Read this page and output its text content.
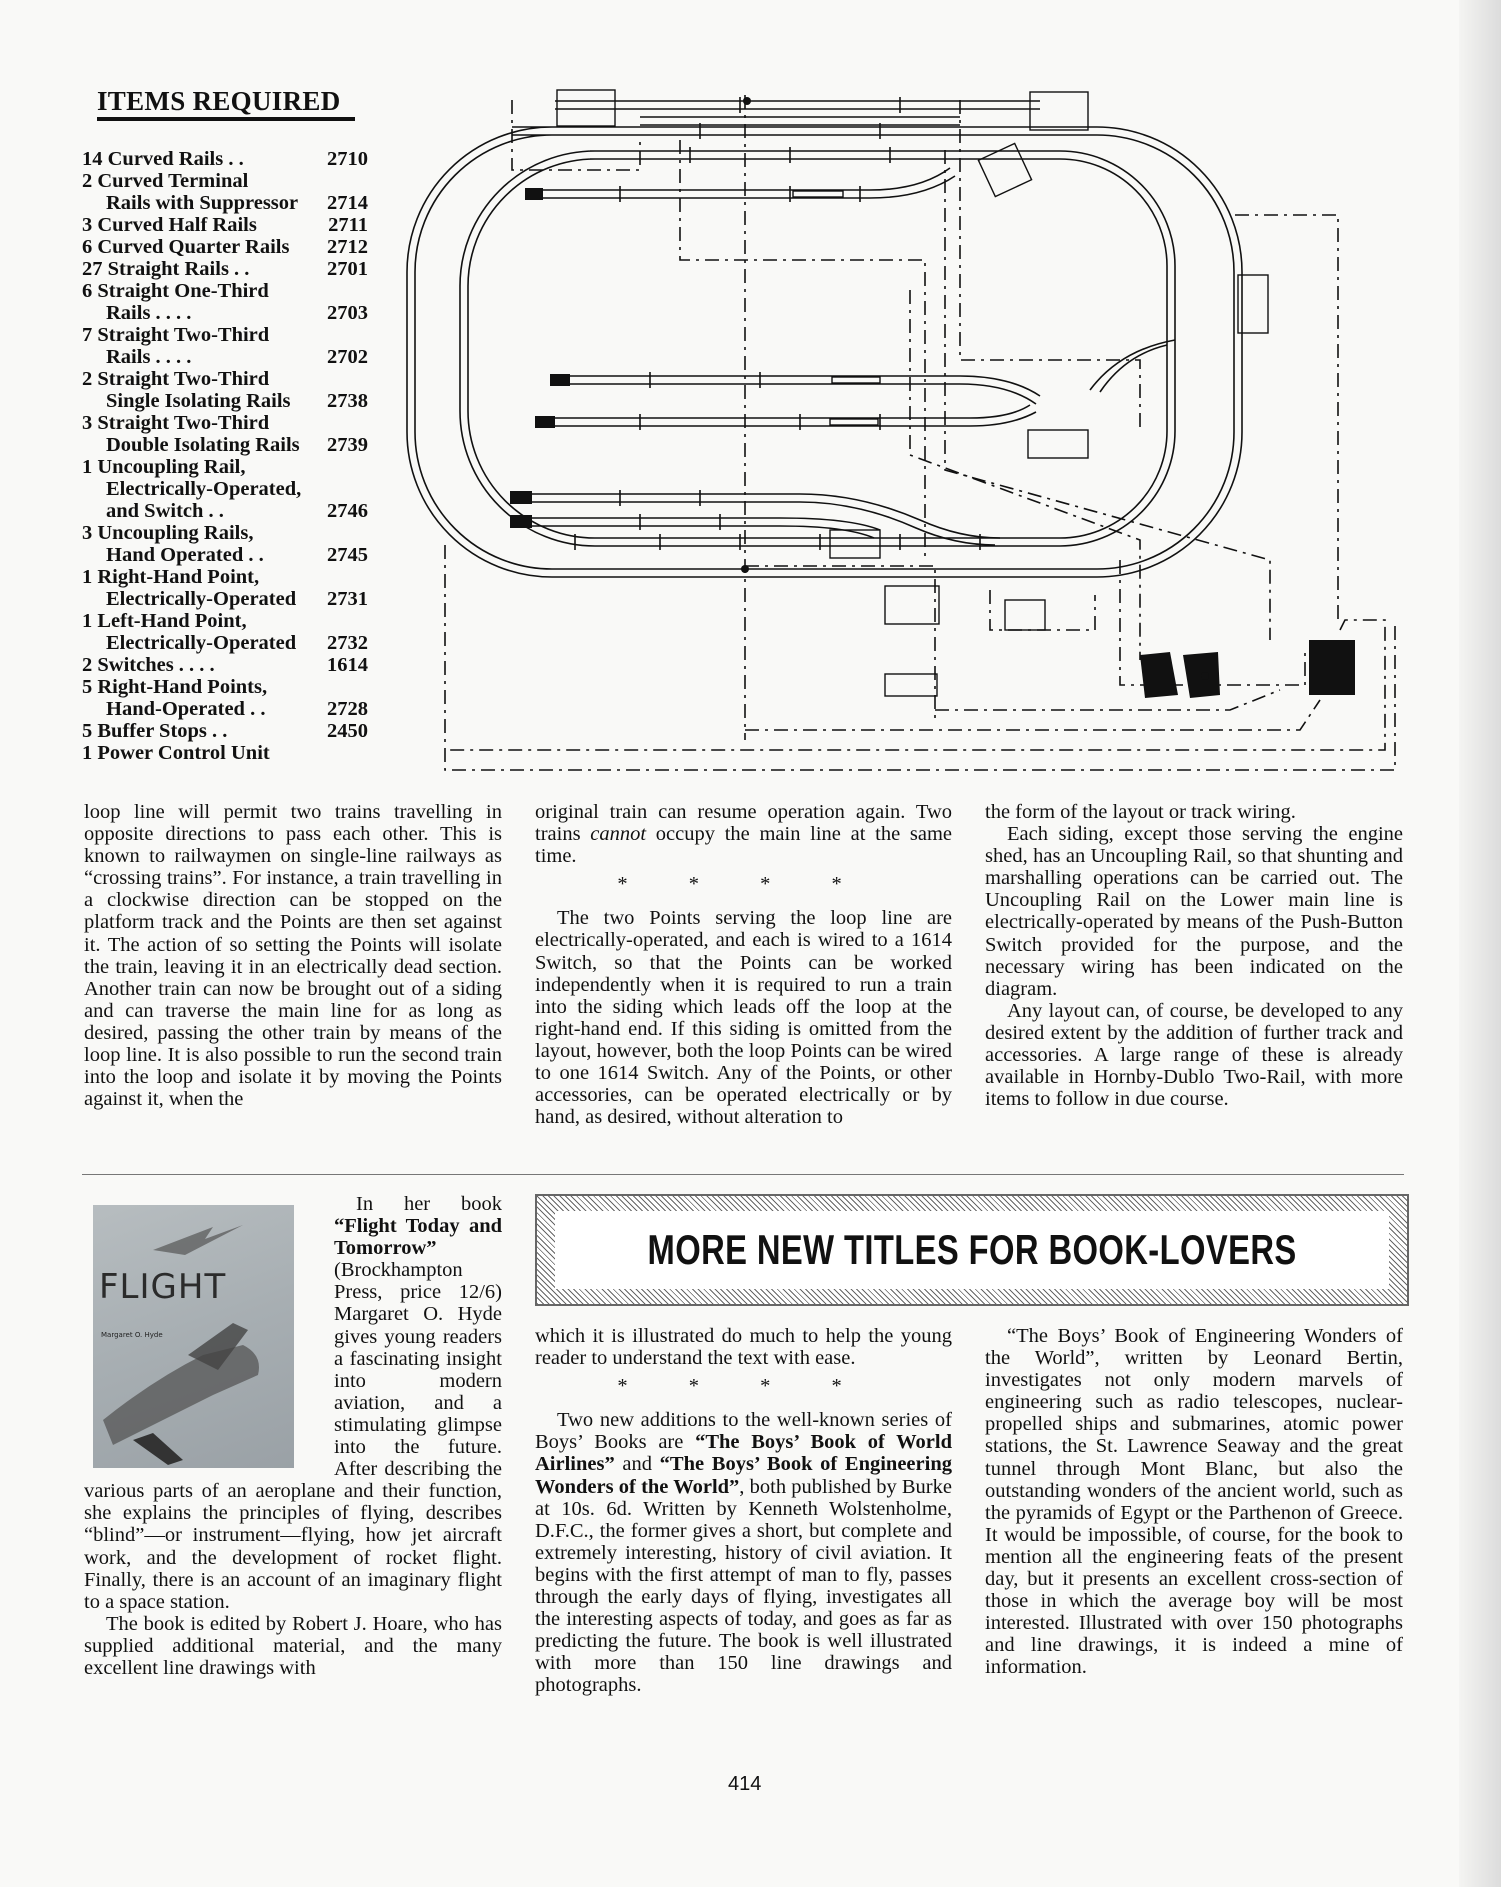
ITEMS REQUIRED
14 Curved Rails . .	2710
2 Curved Terminal
Rails with Suppressor	2714
3 Curved Half Rails	2711
6 Curved Quarter Rails	2712
27 Straight Rails . .	2701
6 Straight One-Third
Rails . . . .	2703
7 Straight Two-Third
Rails . . . .	2702
2 Straight Two-Third
Single Isolating Rails	2738
3 Straight Two-Third
Double Isolating Rails	2739
1 Uncoupling Rail,
Electrically-Operated, and Switch . .	2746
3 Uncoupling Rails,
Hand Operated . .	2745
1 Right-Hand Point,
Electrically-Operated	2731
1 Left-Hand Point,
Electrically-Operated	2732
2 Switches . . . .	1614
5 Right-Hand Points,
Hand-Operated . .	2728
5 Buffer Stops . .	2450
1 Power Control Unit

loop line will permit two trains travelling in opposite directions to pass each other. This is known to railwaymen on single-line railways as “crossing trains”. For instance, a train travelling in a clockwise direction can be stopped on the platform track and the Points are then set against it. The action of so setting the Points will isolate the train, leaving it in an electrically dead section. Another train can now be brought out of a siding and can traverse the main line for as long as desired, passing the other train by means of the loop line. It is also possible to run the second train into the loop and isolate it by moving the Points against it, when the

original train can resume operation again. Two trains cannot occupy the main line at the same time.

* * * *

The two Points serving the loop line are electrically-operated, and each is wired to a 1614 Switch, so that the Points can be worked independently when it is required to run a train into the siding which leads off the loop at the right-hand end. If this siding is omitted from the layout, however, both the loop Points can be wired to one 1614 Switch. Any of the Points, or other accessories, can be operated electrically or by hand, as desired, without alteration to

the form of the layout or track wiring.

Each siding, except those serving the engine shed, has an Uncoupling Rail, so that shunting and marshalling operations can be carried out. The Uncoupling Rail on the Lower main line is electrically-operated by means of the Push-Button Switch provided for the purpose, and the necessary wiring has been indicated on the diagram.

Any layout can, of course, be developed to any desired extent by the addition of further track and accessories. A large range of these is already available in Hornby-Dublo Two-Rail, with more items to follow in due course.

FLIGHT
Margaret O. Hyde

In her book “Flight Today and Tomorrow” (Brockhampton Press, price 12/6) Margaret O. Hyde gives young readers a fascinating insight into modern aviation, and a stimulating glimpse into the future. After describing the various parts of an aeroplane and their function, she explains the principles of flying, describes “blind”—or instrument—flying, how jet aircraft work, and the development of rocket flight. Finally, there is an account of an imaginary flight to a space station.

The book is edited by Robert J. Hoare, who has supplied additional material, and the many excellent line drawings with

MORE NEW TITLES FOR BOOK-LOVERS

which it is illustrated do much to help the young reader to understand the text with ease.

* * * *

Two new additions to the well-known series of Boys’ Books are “The Boys’ Book of World Airlines” and “The Boys’ Book of Engineering Wonders of the World”, both published by Burke at 10s. 6d. Written by Kenneth Wolstenholme, D.F.C., the former gives a short, but complete and extremely interesting, history of civil aviation. It begins with the first attempt of man to fly, passes through the early days of flying, investigates all the interesting aspects of today, and goes as far as predicting the future. The book is well illustrated with more than 150 line drawings and photographs.

“The Boys’ Book of Engineering Wonders of the World”, written by Leonard Bertin, investigates not only modern marvels of engineering such as radio telescopes, nuclear-propelled ships and submarines, atomic power stations, the St. Lawrence Seaway and the great tunnel through Mont Blanc, but also the outstanding wonders of the ancient world, such as the pyramids of Egypt or the Parthenon of Greece. It would be impossible, of course, for the book to mention all the engineering feats of the present day, but it presents an excellent cross-section of those in which the average boy will be most interested. Illustrated with over 150 photographs and line drawings, it is indeed a mine of information.

414
